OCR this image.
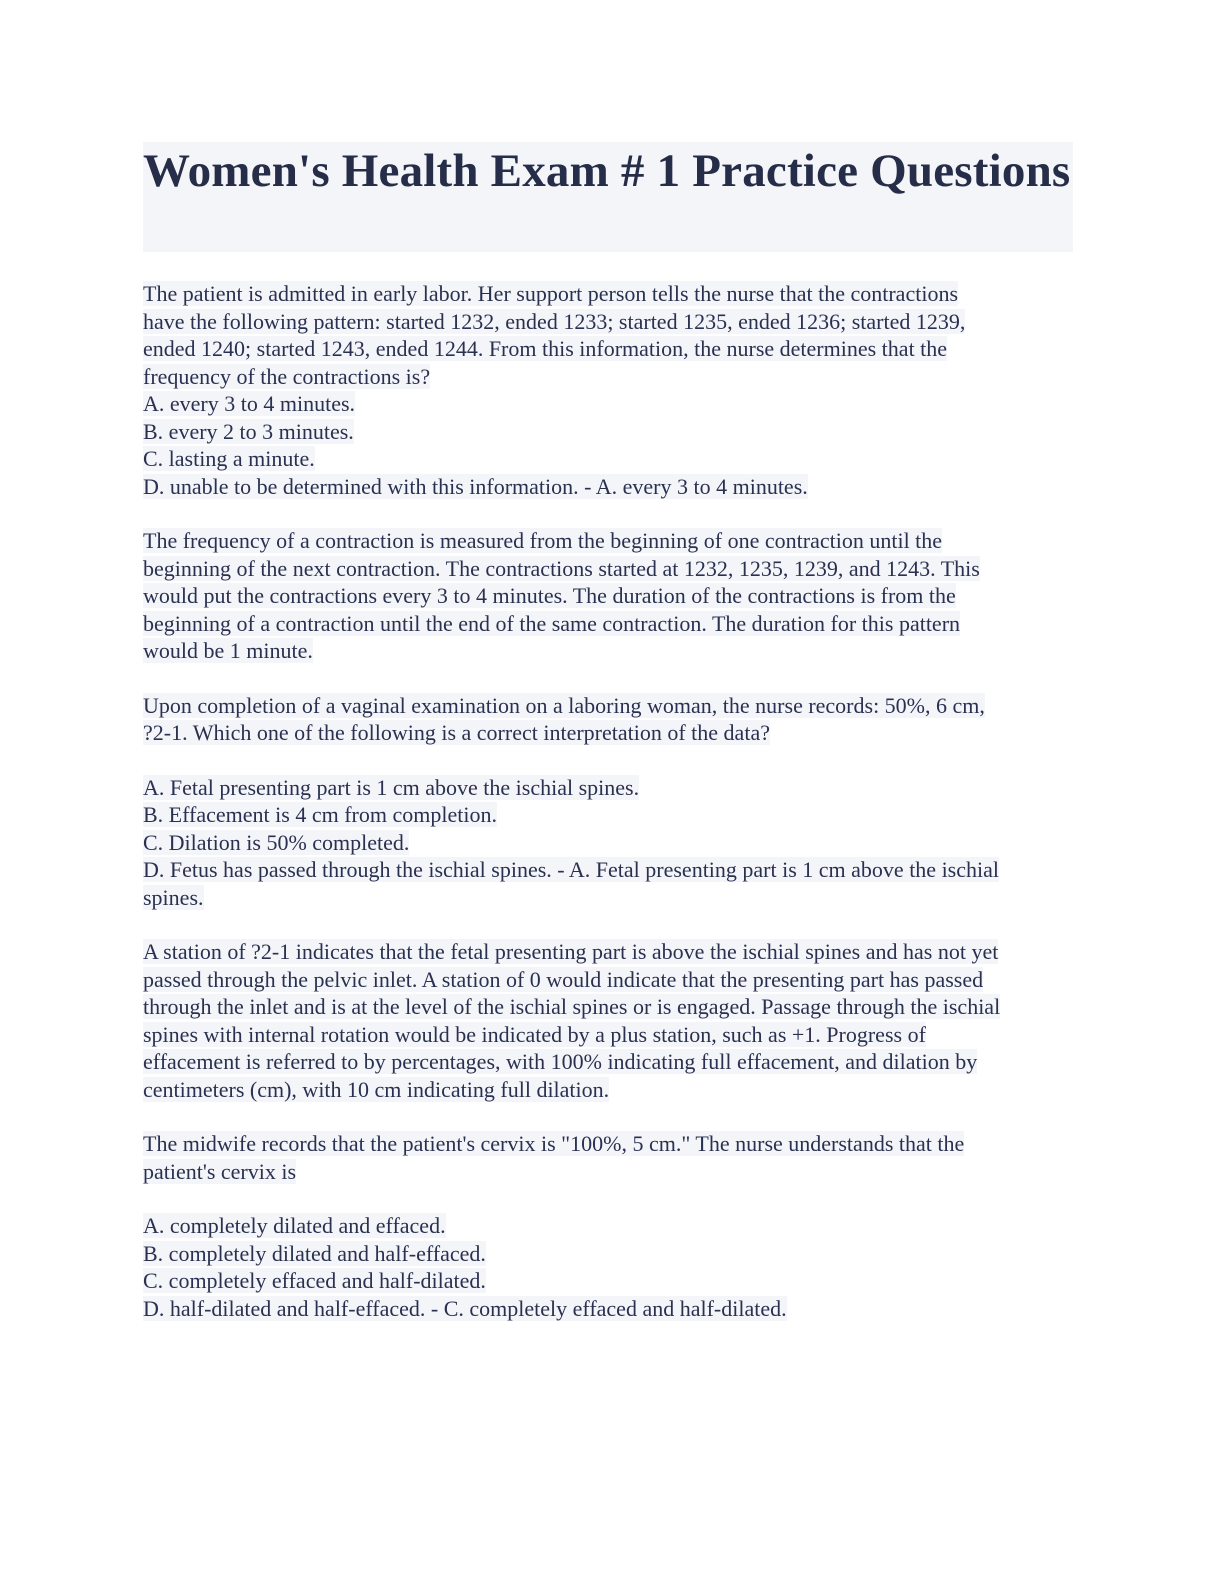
Women's Health Exam # 1 Practice Questions
The patient is admitted in early labor. Her support person tells the nurse that the contractions
have the following pattern: started 1232, ended 1233; started 1235, ended 1236; started 1239,
ended 1240; started 1243, ended 1244. From this information, the nurse determines that the
frequency of the contractions is?
A. every 3 to 4 minutes.
B. every 2 to 3 minutes.
C. lasting a minute.
D. unable to be determined with this information. - A. every 3 to 4 minutes.
The frequency of a contraction is measured from the beginning of one contraction until the
beginning of the next contraction. The contractions started at 1232, 1235, 1239, and 1243. This
would put the contractions every 3 to 4 minutes. The duration of the contractions is from the
beginning of a contraction until the end of the same contraction. The duration for this pattern
would be 1 minute.
Upon completion of a vaginal examination on a laboring woman, the nurse records: 50%, 6 cm,
?2-1. Which one of the following is a correct interpretation of the data?
A. Fetal presenting part is 1 cm above the ischial spines.
B. Effacement is 4 cm from completion.
C. Dilation is 50% completed.
D. Fetus has passed through the ischial spines. - A. Fetal presenting part is 1 cm above the ischial
spines.
A station of ?2-1 indicates that the fetal presenting part is above the ischial spines and has not yet
passed through the pelvic inlet. A station of 0 would indicate that the presenting part has passed
through the inlet and is at the level of the ischial spines or is engaged. Passage through the ischial
spines with internal rotation would be indicated by a plus station, such as +1. Progress of
effacement is referred to by percentages, with 100% indicating full effacement, and dilation by
centimeters (cm), with 10 cm indicating full dilation.
The midwife records that the patient's cervix is "100%, 5 cm." The nurse understands that the
patient's cervix is
A. completely dilated and effaced.
B. completely dilated and half-effaced.
C. completely effaced and half-dilated.
D. half-dilated and half-effaced. - C. completely effaced and half-dilated.
